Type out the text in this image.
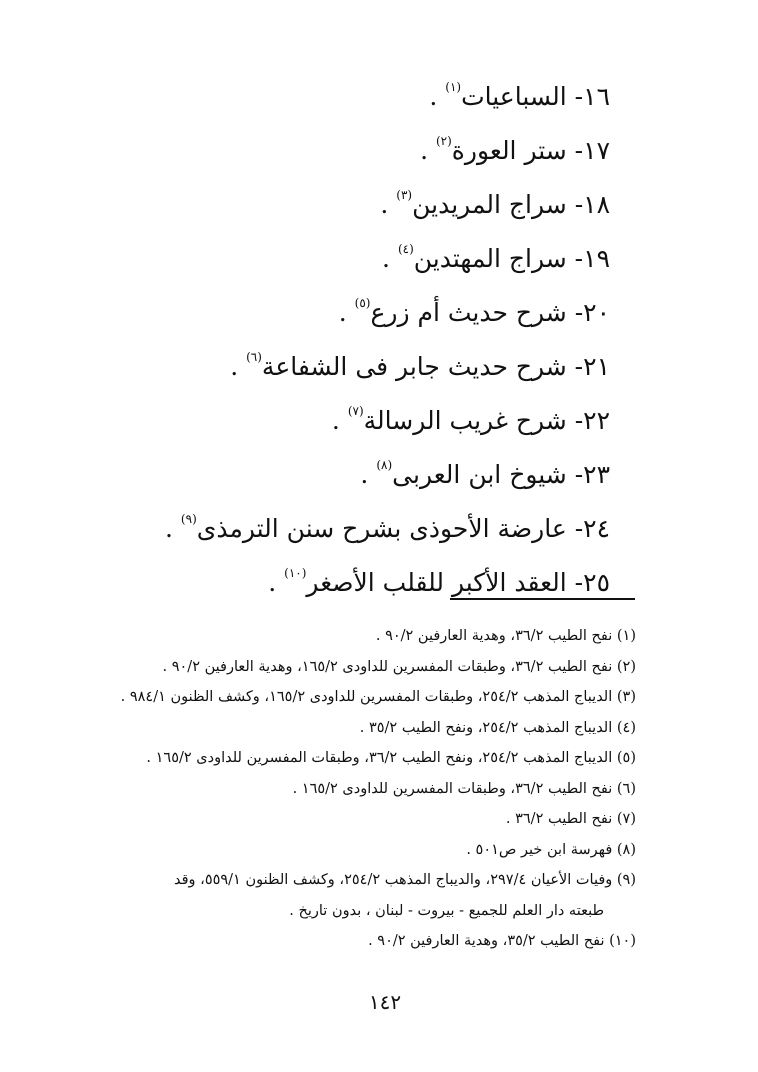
١٦- السباعيات$^{(١)}$ .
١٧- ستر العورة$^{(٢)}$ .
١٨- سراج المريدين$^{(٣)}$ .
١٩- سراج المهتدين$^{(٤)}$ .
٢٠- شرح حديث أم زرع$^{(٥)}$ .
٢١- شرح حديث جابر فى الشفاعة$^{(٦)}$ .
٢٢- شرح غريب الرسالة$^{(٧)}$ .
٢٣- شيوخ ابن العربى$^{(٨)}$ .
٢٤- عارضة الأحوذى بشرح سنن الترمذى$^{(٩)}$ .
٢٥- العقد الأكبر للقلب الأصغر$^{(١٠)}$ .
(١) نفح الطيب ٣٦/٢، وهدية العارفين ٩٠/٢ .
(٢) نفح الطيب ٣٦/٢، وطبقات المفسرين للداودى ١٦٥/٢، وهدية العارفين ٩٠/٢ .
(٣) الديباج المذهب ٢٥٤/٢، وطبقات المفسرين للداودى ١٦٥/٢، وكشف الظنون ٩٨٤/١ .
(٤) الديباج المذهب ٢٥٤/٢، ونفح الطيب ٣٥/٢ .
(٥) الديباج المذهب ٢٥٤/٢، ونفح الطيب ٣٦/٢، وطبقات المفسرين للداودى ١٦٥/٢ .
(٦) نفح الطيب ٣٦/٢، وطبقات المفسرين للداودى ١٦٥/٢ .
(٧) نفح الطيب ٣٦/٢ .
(٨) فهرسة ابن خير ص٥٠١ .
(٩) وفيات الأعيان ٢٩٧/٤، والديباج المذهب ٢٥٤/٢، وكشف الظنون ٥٥٩/١، وقد
طبعته دار العلم للجميع - بيروت - لبنان ، بدون تاريخ .
(١٠) نفح الطيب ٣٥/٢، وهدية العارفين ٩٠/٢ .
١٤٢
